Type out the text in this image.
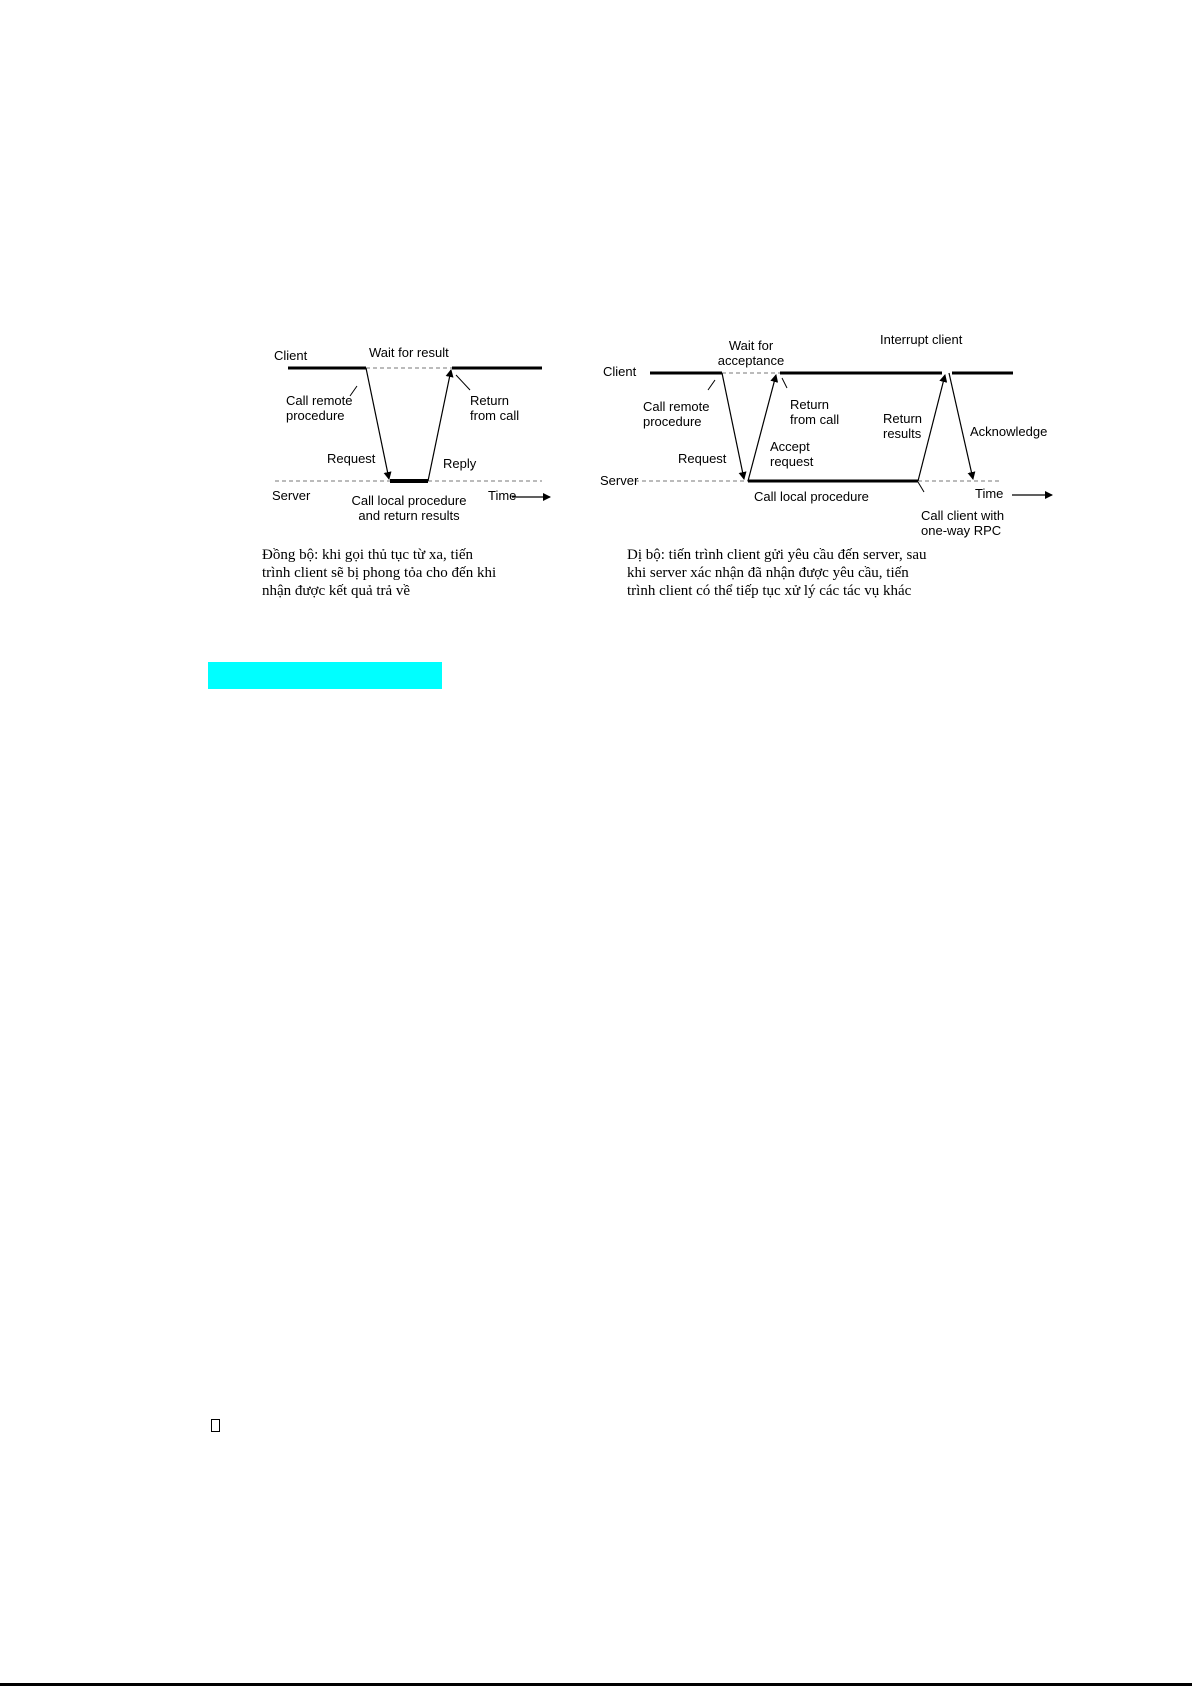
Client	Wait for result
Call remote procedure
Return from call
Request	Reply
Server	Call local procedure and return results
Time
Client
Wait for acceptance
Interrupt client
Call remote procedure
Return from call	Return results	Acknowledge
Request
Accept request
Server
Call local procedure	Time
Call client with one-way RPC

Đồng bộ: khi gọi thủ tục từ xa, tiến
trình client sẽ bị phong tỏa cho đến khi
nhận được kết quả trả về

Dị bộ: tiến trình client gửi yêu cầu đến server, sau
khi server xác nhận đã nhận được yêu cầu, tiến
trình client có thể tiếp tục xử lý các tác vụ khác
